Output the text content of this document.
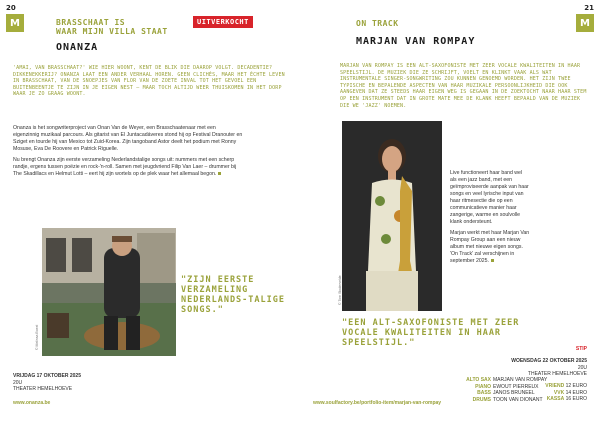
20
M	BRASSCHAAT IS
WAAR MIJN VILLA STAAT
UITVERKOCHT
ONANZA
'AMAI, VAN BRASSCHAAT?' WIE HIER WOONT, KENT DE BLIK DIE DAAROP VOLGT. DECADENTIE? DIKKENEKKERIJ? ONANZA LAAT EEN ANDER VERHAAL HOREN. GEEN CLICHÉS, MAAR HET ÉCHTE LEVEN IN BRASSCHAAT, VAN DE SNOEPJES VAN FLOR VAN DE ZOETE INVAL TOT HET GEVOEL EEN BUITENBEENTJE TE ZIJN IN JE EIGEN NEST – MAAR TOCH ALTIJD WEER THUISKOMEN IN HET DORP WAAR JE ZO GRAAG WOONT.

Onanza is het songwriterproject van Onan Van de Weyer, een Brasschaatenaar met een eigenzinnig muzikaal parcours. Als gitarist van El Juntacadáveres stond hij op Festival Dranouter en Sziget en tourde hij van Mexico tot Zuid-Korea. Zijn tangoband Astor deelt het podium met Ronny Mosuse, Eva De Roovere en Patrick Riguelle.

Nu brengt Onanza zijn eerste verzameling Nederlandstalige songs uit: nummers met een scherp randje, ergens tussen poëzie en rock-'n-roll. Samen met jeugdvriend Filip Van Laer – drummer bij The Skadillacs en Helmut Lotti – eert hij zijn wortels op de plek waar het allemaal begon.

© Melissa Boeel
"ZIJN EERSTE VERZAMELING NEDERLANDS-TALIGE SONGS."
VRIJDAG 17 OKTOBER 2025
20U
THEATER HEMELHOEVE
www.onanza.be
21
M
ON TRACK
MARJAN VAN ROMPAY
MARJAN VAN ROMPAY IS EEN ALT-SAXOFONISTE MET ZEER VOCALE KWALITEITEN IN HAAR SPEELSTIJL. DE MUZIEK DIE ZE SCHRIJFT, VOELT EN KLINKT VAAK ALS WAT INSTRUMENTALE SINGER-SONGWRITING ZOU KUNNEN GENOEMD WORDEN. HET ZIJN TWEE TYPISCHE EN BEPALENDE ASPECTEN VAN HAAR MUZIKALE PERSOONLIJKHEID DIE OOK AANGEVEN DAT ZE STEEDS HAAR EIGEN WEG IS GEGAAN IN DE ZOEKTOCHT NAAR HAAR STEM OP EEN INSTRUMENT DAT IN GROTE MATE MEE DE KLANK HEEFT BEPAALD VAN DE MUZIEK DIE WE 'JAZZ' NOEMEN.
© Tom Stodervelde

Live functioneert haar band wel als een jazz band, met een geïmproviseerde aanpak van haar songs en veel lyrische input van haar ritmesectie die op een communicatieve manier haar zangerige, warme en soulvolle klank ondersteunt.

Marjan werkt met haar Marjan Van Rompay Group aan een nieuw album met nieuwe eigen songs. 'On Track' zal verschijnen in september 2025.

"EEN ALT-SAXOFONISTE MET ZEER VOCALE KWALITEITEN IN HAAR SPEELSTIJL."
STIP
WOENSDAG 22 OKTOBER 2025
20U
THEATER HEMELHOEVE
ALTO SAX MARJAN VAN ROMPAY
PIANO EWOUT PIERREUX
BASS JANOS BRUNEEL
DRUMS TOON VAN DIONANT
VRIEND 12 EURO
VVK 14 EURO
KASSA 16 EURO
www.soulfactory.be/portfolio-item/marjan-van-rompay
